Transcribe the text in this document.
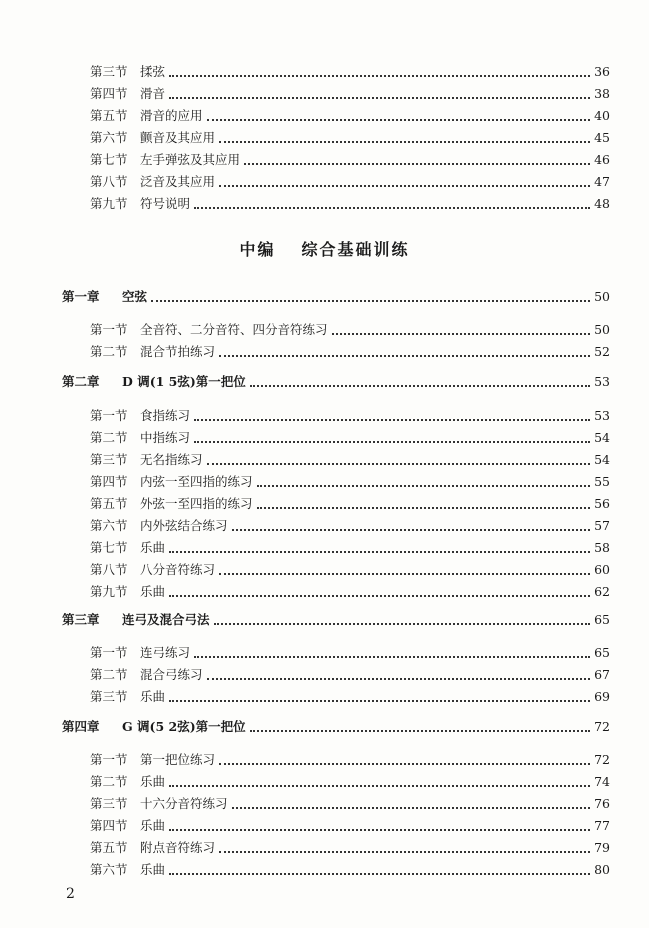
第三节 揉弦	36
第四节 滑音	38
第五节 滑音的应用	40
第六节 颤音及其应用	45
第七节 左手弹弦及其应用	46
第八节 泛音及其应用	47
第九节 符号说明	48
中编 综合基础训练
第一章	空弦	50
第一节 全音符、二分音符、四分音符练习	50
第二节 混合节拍练习	52
第二章	D 调(1 5弦)第一把位	53
第一节 食指练习	53
第二节 中指练习	54
第三节 无名指练习	54
第四节 内弦一至四指的练习	55
第五节 外弦一至四指的练习	56
第六节 内外弦结合练习	57
第七节 乐曲	58
第八节 八分音符练习	60
第九节 乐曲	62
第三章	连弓及混合弓法	65
第一节 连弓练习	65
第二节 混合弓练习	67
第三节 乐曲	69
第四章	G 调(5 2弦)第一把位	72
第一节 第一把位练习	72
第二节 乐曲	74
第三节 十六分音符练习	76
第四节 乐曲	77
第五节 附点音符练习	79
第六节 乐曲	80
2
